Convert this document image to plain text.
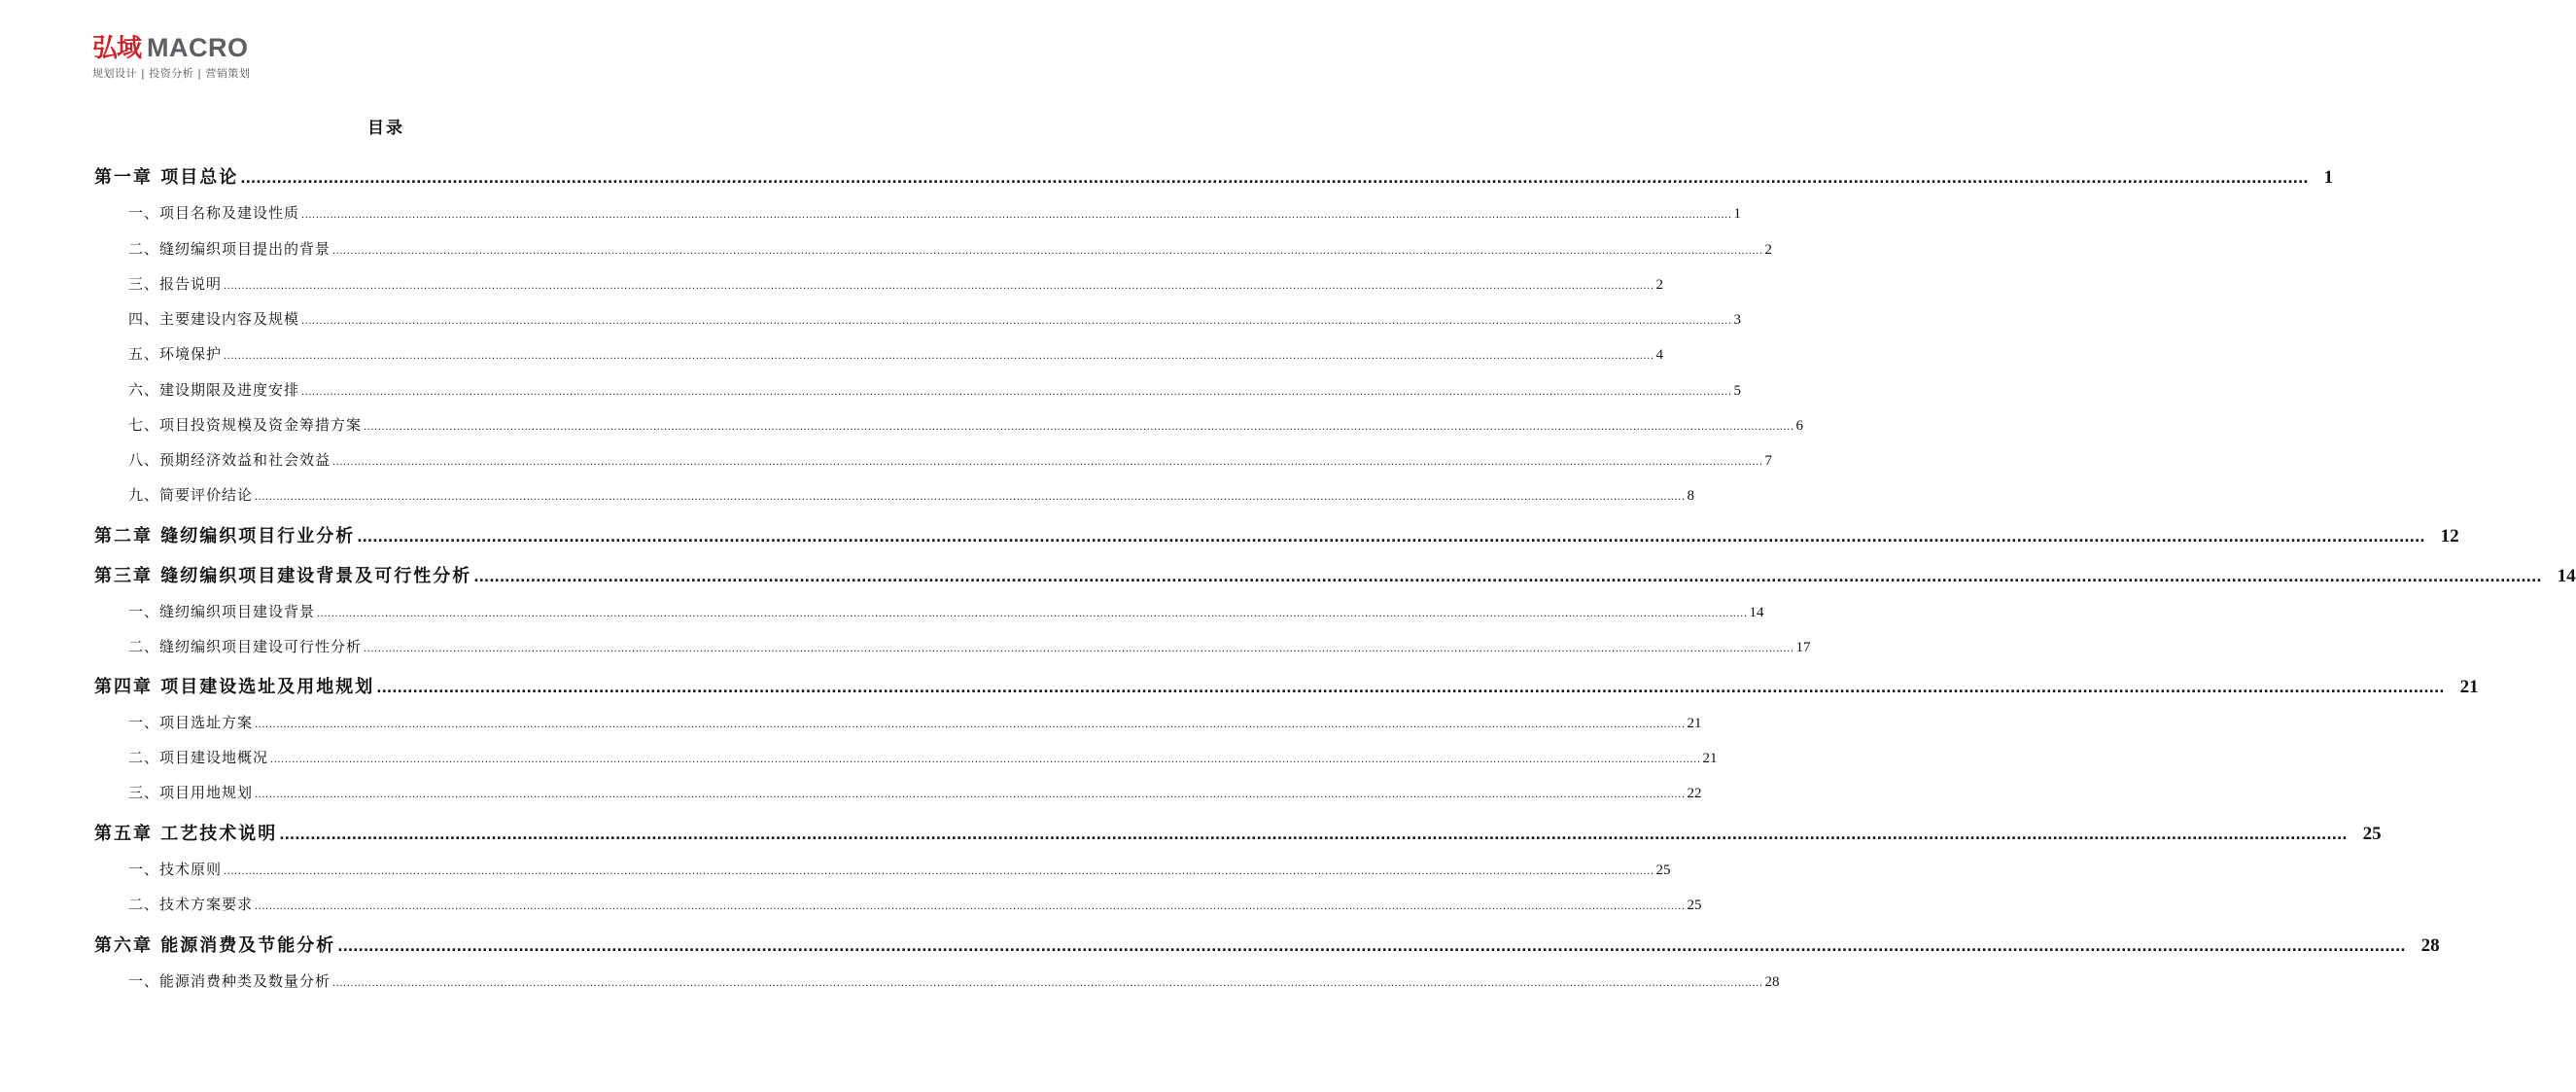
弘域 MACRO
规划设计 | 投资分析 | 营销策划
目录
第一章 项目总论 ................................................................................................................................................................................................................................................................................................................................................................................................................ 1
一、项目名称及建设性质 ................................................................................................................................................................................................................................................................................................................................................................................................................ 1
二、缝纫编织项目提出的背景 ................................................................................................................................................................................................................................................................................................................................................................................................................ 2
三、报告说明 ................................................................................................................................................................................................................................................................................................................................................................................................................ 2
四、主要建设内容及规模 ................................................................................................................................................................................................................................................................................................................................................................................................................ 3
五、环境保护 ................................................................................................................................................................................................................................................................................................................................................................................................................ 4
六、建设期限及进度安排 ................................................................................................................................................................................................................................................................................................................................................................................................................ 5
七、项目投资规模及资金筹措方案 ................................................................................................................................................................................................................................................................................................................................................................................................................ 6
八、预期经济效益和社会效益 ................................................................................................................................................................................................................................................................................................................................................................................................................ 7
九、简要评价结论 ................................................................................................................................................................................................................................................................................................................................................................................................................ 8
第二章 缝纫编织项目行业分析 ................................................................................................................................................................................................................................................................................................................................................................................................................ 12
第三章 缝纫编织项目建设背景及可行性分析 ................................................................................................................................................................................................................................................................................................................................................................................................................ 14
一、缝纫编织项目建设背景 ................................................................................................................................................................................................................................................................................................................................................................................................................ 14
二、缝纫编织项目建设可行性分析 ................................................................................................................................................................................................................................................................................................................................................................................................................ 17
第四章 项目建设选址及用地规划 ................................................................................................................................................................................................................................................................................................................................................................................................................ 21
一、项目选址方案 ................................................................................................................................................................................................................................................................................................................................................................................................................ 21
二、项目建设地概况 ................................................................................................................................................................................................................................................................................................................................................................................................................ 21
三、项目用地规划 ................................................................................................................................................................................................................................................................................................................................................................................................................ 22
第五章 工艺技术说明 ................................................................................................................................................................................................................................................................................................................................................................................................................ 25
一、技术原则 ................................................................................................................................................................................................................................................................................................................................................................................................................ 25
二、技术方案要求 ................................................................................................................................................................................................................................................................................................................................................................................................................ 25
第六章 能源消费及节能分析 ................................................................................................................................................................................................................................................................................................................................................................................................................ 28
一、能源消费种类及数量分析 ................................................................................................................................................................................................................................................................................................................................................................................................................ 28
